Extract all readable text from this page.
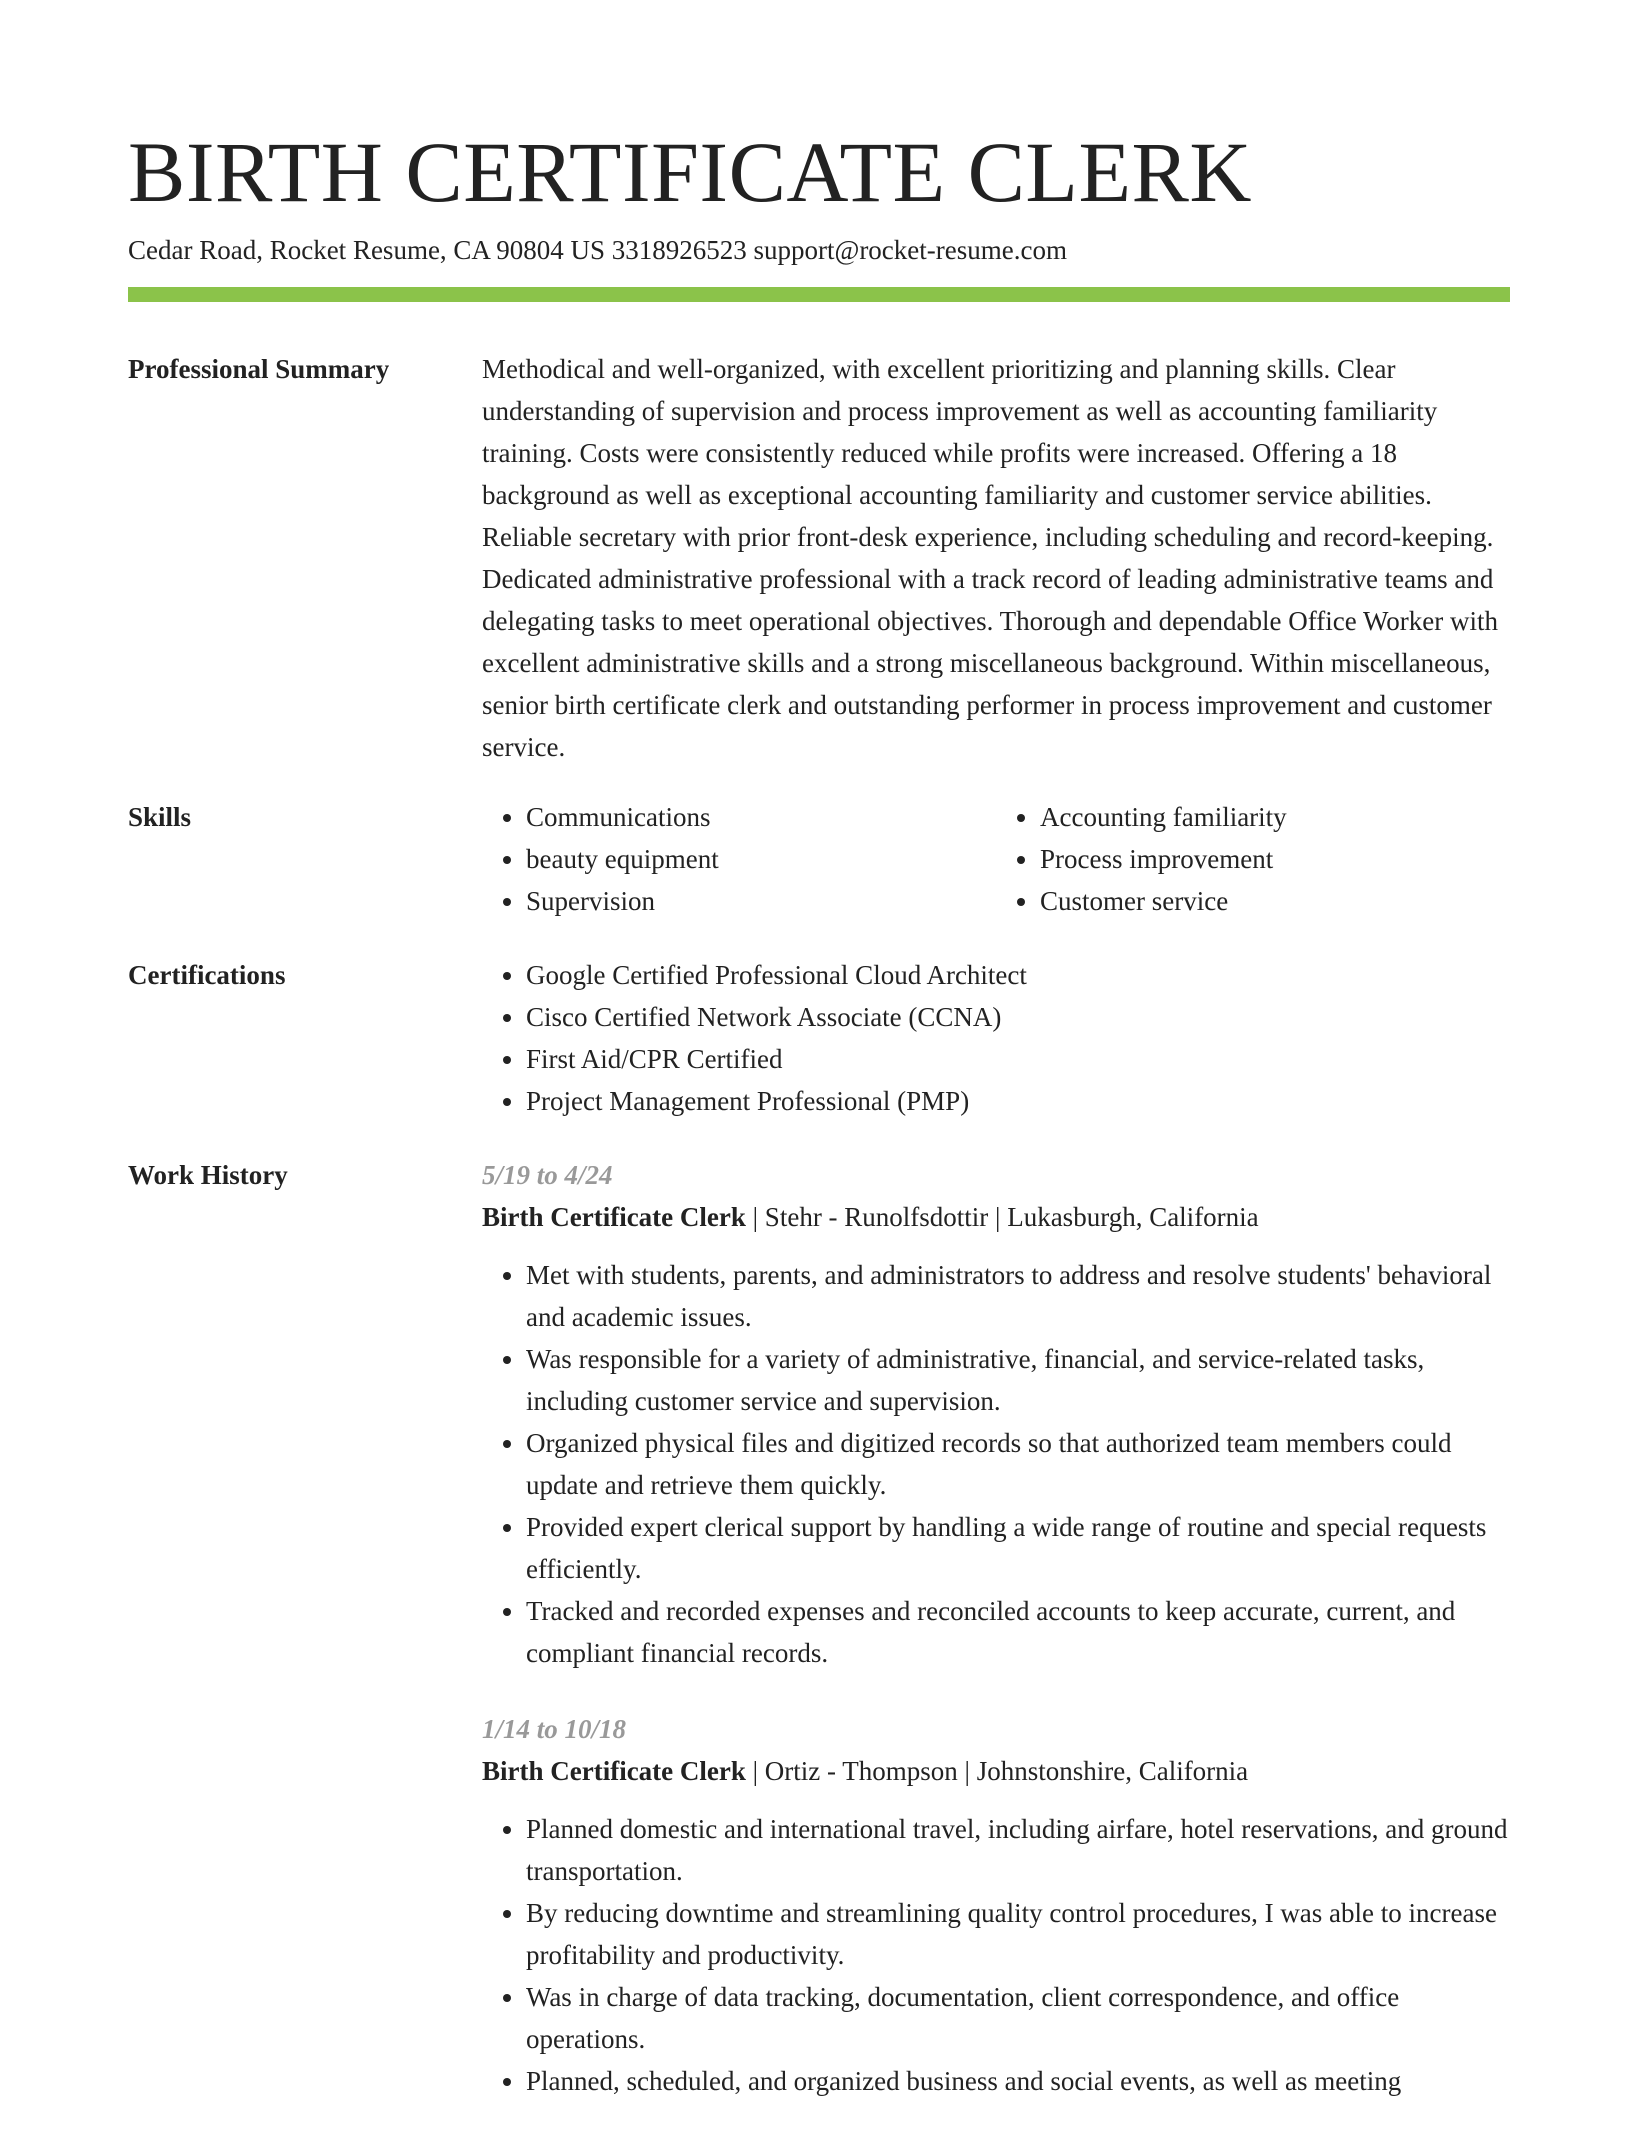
BIRTH CERTIFICATE CLERK
Cedar Road, Rocket Resume, CA 90804 US 3318926523 support@rocket-resume.com
Professional Summary	Methodical and well-organized, with excellent prioritizing and planning skills. Clear understanding of supervision and process improvement as well as accounting familiarity training. Costs were consistently reduced while profits were increased. Offering a 18 background as well as exceptional accounting familiarity and customer service abilities. Reliable secretary with prior front-desk experience, including scheduling and record-keeping. Dedicated administrative professional with a track record of leading administrative teams and delegating tasks to meet operational objectives. Thorough and dependable Office Worker with excellent administrative skills and a strong miscellaneous background. Within miscellaneous, senior birth certificate clerk and outstanding performer in process improvement and customer service.

Skills	• Communications
• beauty equipment
• Supervision
• Accounting familiarity
• Process improvement
• Customer service
Certifications	• Google Certified Professional Cloud Architect
• Cisco Certified Network Associate (CCNA)
• First Aid/CPR Certified
• Project Management Professional (PMP)
Work History	5/19 to 4/24
Birth Certificate Clerk | Stehr - Runolfsdottir | Lukasburgh, California
• Met with students, parents, and administrators to address and resolve students' behavioral and academic issues.
• Was responsible for a variety of administrative, financial, and service-related tasks, including customer service and supervision.
• Organized physical files and digitized records so that authorized team members could update and retrieve them quickly.
• Provided expert clerical support by handling a wide range of routine and special requests efficiently.
• Tracked and recorded expenses and reconciled accounts to keep accurate, current, and compliant financial records.
1/14 to 10/18
Birth Certificate Clerk | Ortiz - Thompson | Johnstonshire, California
• Planned domestic and international travel, including airfare, hotel reservations, and ground transportation.
• By reducing downtime and streamlining quality control procedures, I was able to increase profitability and productivity.
• Was in charge of data tracking, documentation, client correspondence, and office operations.
• Planned, scheduled, and organized business and social events, as well as meeting
